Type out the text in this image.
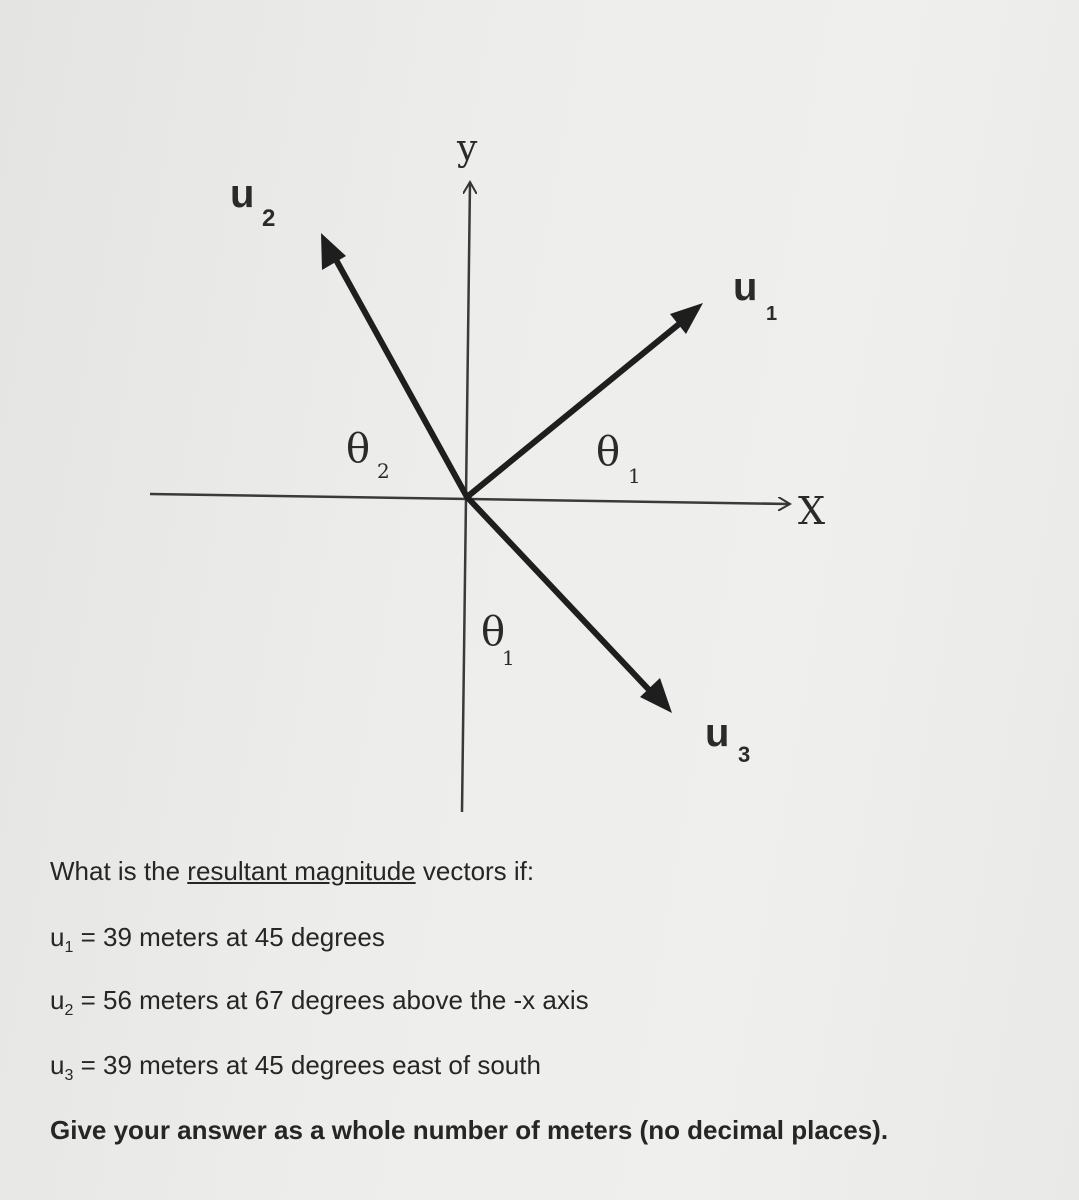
y
X
u
2
u
1
u 3
θ 2	θ
1
θ
1
What is the resultant magnitude vectors if:
$u_1 = 39$ meters at 45 degrees
$u_2 = 56$ meters at 67 degrees above the -x axis
$u_3 = 39$ meters at 45 degrees east of south
Give your answer as a whole number of meters (no decimal places).
